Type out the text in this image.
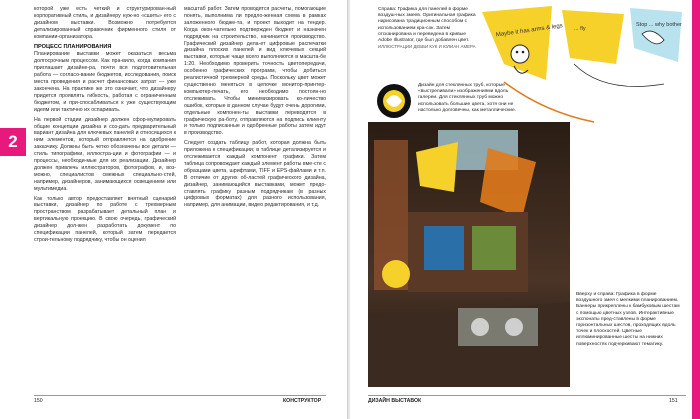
которой уже есть четкий и структурирован-ный корпоративный стиль, и дизайнеру нуж-но «сшить» его с дизайном выставки. Возможно потребуется детализированный справочник фирменного стиля от компании-организатора.

ПРОЦЕСС ПЛАНИРОВАНИЯ

Планирование выставки может оказаться весьма долгосрочным процессом. Как пра-вило, когда компания приглашает дизайне-ра, почти вся подготовительная работа — согласо-вание бюджетов, исследования, поиск места проведения и расчет финансовых затрат — уже закончена. На практике же это означает, что дизайнеру придется проявлять гибкость, работая с ограниченным бюджетом, и при-спосабливаться к уже существующим идеям или тактично их оспаривать.

На первой стадии дизайнер должен сфор-мулировать общие концепции дизайна и соз-дать предварительный вариант дизайна для ключевых панелей и относящихся к ним элементов, который отправляется на одобрение заказчику. Должны быть четко обозначены все детали — стиль типографики, иллюстра-ции и фотографии — и процессы, необходи-мые для их реализации. Дизайнер должен привлечь иллюстраторов, фотографов, и, воз-можно, специалистов смежных специально-стей, например, дизайнеров, занимающихся освещением или мультимедиа.

Как только автор предоставляет внятный сценарий выставки, дизайнер по работе с трехмерным пространством разрабатывает детальный план и вертикальную проекцию. В свою очередь, графический дизайнер дол-жен разработать документ по спецификации панелей, который затем передается строи-тельному подрядчику, чтобы он оценил

масштаб работ. Затем проводятся расчеты, помогающие понять, выполнима ли предло-женная схема в рамках заложенного бюдже-та, и проект выходит на тендер. Когда окон-чательно подтвержден бюджет и назначен подрядчик на строительство, начинается производство. Графический дизайнер дела-ет цифровые распечатки дизайна плоских панелей и вид ключевых секций выставки, которые чаще всего выполняются в масшта-бе 1:20. Необходимо проверить точность цветопередачи, особенно графических программ, чтобы добиться реалистичной трехмерной среды. Поскольку цвет может существенно меняться в цепочке монитор-принтер-компьютер-печать, его необходимо постоян-но отслеживать. Чтобы минимизировать ко-личество ошибок, которые в данном случае будут очень дорогими, отдельные компонен-ты выставки переводятся в графическую ра-боту, отправляются на подпись клиенту и только подписанные и одобренные работы затем идут в производство.

Следует создать таблицу работ, которая должна быть приложена к спецификации; в таблице детализируется и отслеживается каждый компонент графики. Затем таблица сопровождает каждый элемент работы вме-сте с образцами цвета, шрифтами, TIFF и EPS-файлами и т.п. В отличие от других об-ластей графического дизайна, дизайнер, занимающийся выставками, может предо-ставлять графику разным подрядчикам (в разных цифровых форматах) для разного использования, например, для анимации, видео редактирования, и т.д.

2
150	КОНСТРУКТОР
Справа: Графика для панелей в форме воздуш-ных змеев. Оригинальная графика нарисована традиционным способом с использованием кра-сок. Затем отсканирована и переведена в кривые Adobe Illustrator, где был добавлен цвет.
ИЛЛЮСТРАЦИИ ДЕББИ КУК И ЮЛИАН АМЕРА
Maybe it has arms & legs ... fly
Stop ... why bother
Дизайн для стеклянных труб, которые «выстреливали» изображениями вдоль галереи. Для стеклянных труб можно использовать большие цвета, хотя они не настолько долговечны, как металлические.
Вверху и справа: Графика в форме воздушного змея с мелкими планированием. Баннеры прикреплены к бамбуковым шестам с помощью цветных узлов. Интерактивные экспонаты пред-ставлены в форме горизонтальных шестов, проходящих вдоль точек и плоскостей. Цветные иллюминированные шесты на нижних поверхностях подчеркивают тематику.
ДИЗАЙН ВЫСТАВОК	151
